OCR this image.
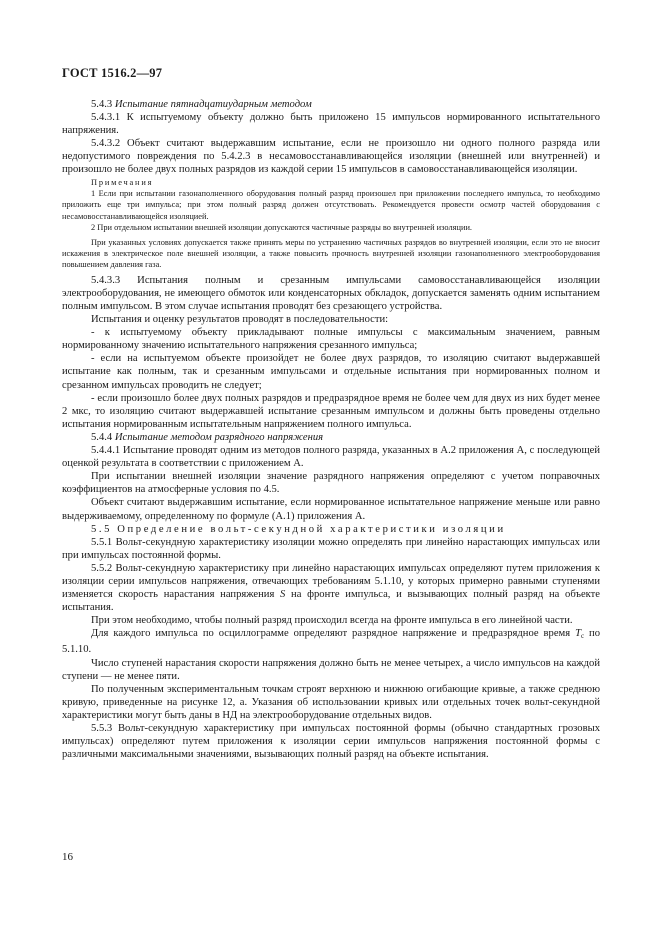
ГОСТ 1516.2—97

5.4.3 Испытание пятнадцатиударным методом

5.4.3.1 К испытуемому объекту должно быть приложено 15 импульсов нормированного испытательного напряжения.

5.4.3.2 Объект считают выдержавшим испытание, если не произошло ни одного полного разряда или недопустимого повреждения по 5.4.2.3 в несамовосстанавливающейся изоляции (внешней или внутренней) и произошло не более двух полных разрядов из каждой серии 15 импульсов в самовосстанавливающейся изоляции.

Примечания

1 Если при испытании газонаполненного оборудования полный разряд произошел при приложении последнего импульса, то необходимо приложить еще три импульса; при этом полный разряд должен отсутствовать. Рекомендуется провести осмотр частей оборудования с несамовосстанавливающейся изоляцией.

2 При отдельном испытании внешней изоляции допускаются частичные разряды во внутренней изоляции.

При указанных условиях допускается также принять меры по устранению частичных разрядов во внутренней изоляции, если это не вносит искажения в электрическое поле внешней изоляции, а также повысить прочность внутренней изоляции газонаполненного электрооборудования повышением давления газа.

5.4.3.3 Испытания полным и срезанным импульсами самовосстанавливающейся изоляции электрооборудования, не имеющего обмоток или конденсаторных обкладок, допускается заменять одним испытанием полным импульсом. В этом случае испытания проводят без срезающего устройства.

Испытания и оценку результатов проводят в последовательности:

- к испытуемому объекту прикладывают полные импульсы с максимальным значением, равным нормированному значению испытательного напряжения срезанного импульса;

- если на испытуемом объекте произойдет не более двух разрядов, то изоляцию считают выдержавшей испытание как полным, так и срезанным импульсами и отдельные испытания при нормированных полном и срезанном импульсах проводить не следует;

- если произошло более двух полных разрядов и предразрядное время не более чем для двух из них будет менее 2 мкс, то изоляцию считают выдержавшей испытание срезанным импульсом и должны быть проведены отдельно испытания нормированным испытательным напряжением полного импульса.

5.4.4 Испытание методом разрядного напряжения

5.4.4.1 Испытание проводят одним из методов полного разряда, указанных в А.2 приложения А, с последующей оценкой результата в соответствии с приложением А.

При испытании внешней изоляции значение разрядного напряжения определяют с учетом поправочных коэффициентов на атмосферные условия по 4.5.

Объект считают выдержавшим испытание, если нормированное испытательное напряжение меньше или равно выдерживаемому, определенному по формуле (А.1) приложения А.

5.5 Определение вольт-секундной характеристики изоляции

5.5.1 Вольт-секундную характеристику изоляции можно определять при линейно нарастающих импульсах или при импульсах постоянной формы.

5.5.2 Вольт-секундную характеристику при линейно нарастающих импульсах определяют путем приложения к изоляции серии импульсов напряжения, отвечающих требованиям 5.1.10, у которых примерно равными ступенями изменяется скорость нарастания напряжения S на фронте импульса, и вызывающих полный разряд на объекте испытания.

При этом необходимо, чтобы полный разряд происходил всегда на фронте импульса в его линейной части.

Для каждого импульса по осциллограмме определяют разрядное напряжение и предразрядное время $T_c$ по 5.1.10.

Число ступеней нарастания скорости напряжения должно быть не менее четырех, а число импульсов на каждой ступени — не менее пяти.

По полученным экспериментальным точкам строят верхнюю и нижнюю огибающие кривые, а также среднюю кривую, приведенные на рисунке 12, а. Указания об использовании кривых или отдельных точек вольт-секундной характеристики могут быть даны в НД на электрооборудование отдельных видов.

5.5.3 Вольт-секундную характеристику при импульсах постоянной формы (обычно стандартных грозовых импульсах) определяют путем приложения к изоляции серии импульсов напряжения постоянной формы с различными максимальными значениями, вызывающих полный разряд на объекте испытания.

16
